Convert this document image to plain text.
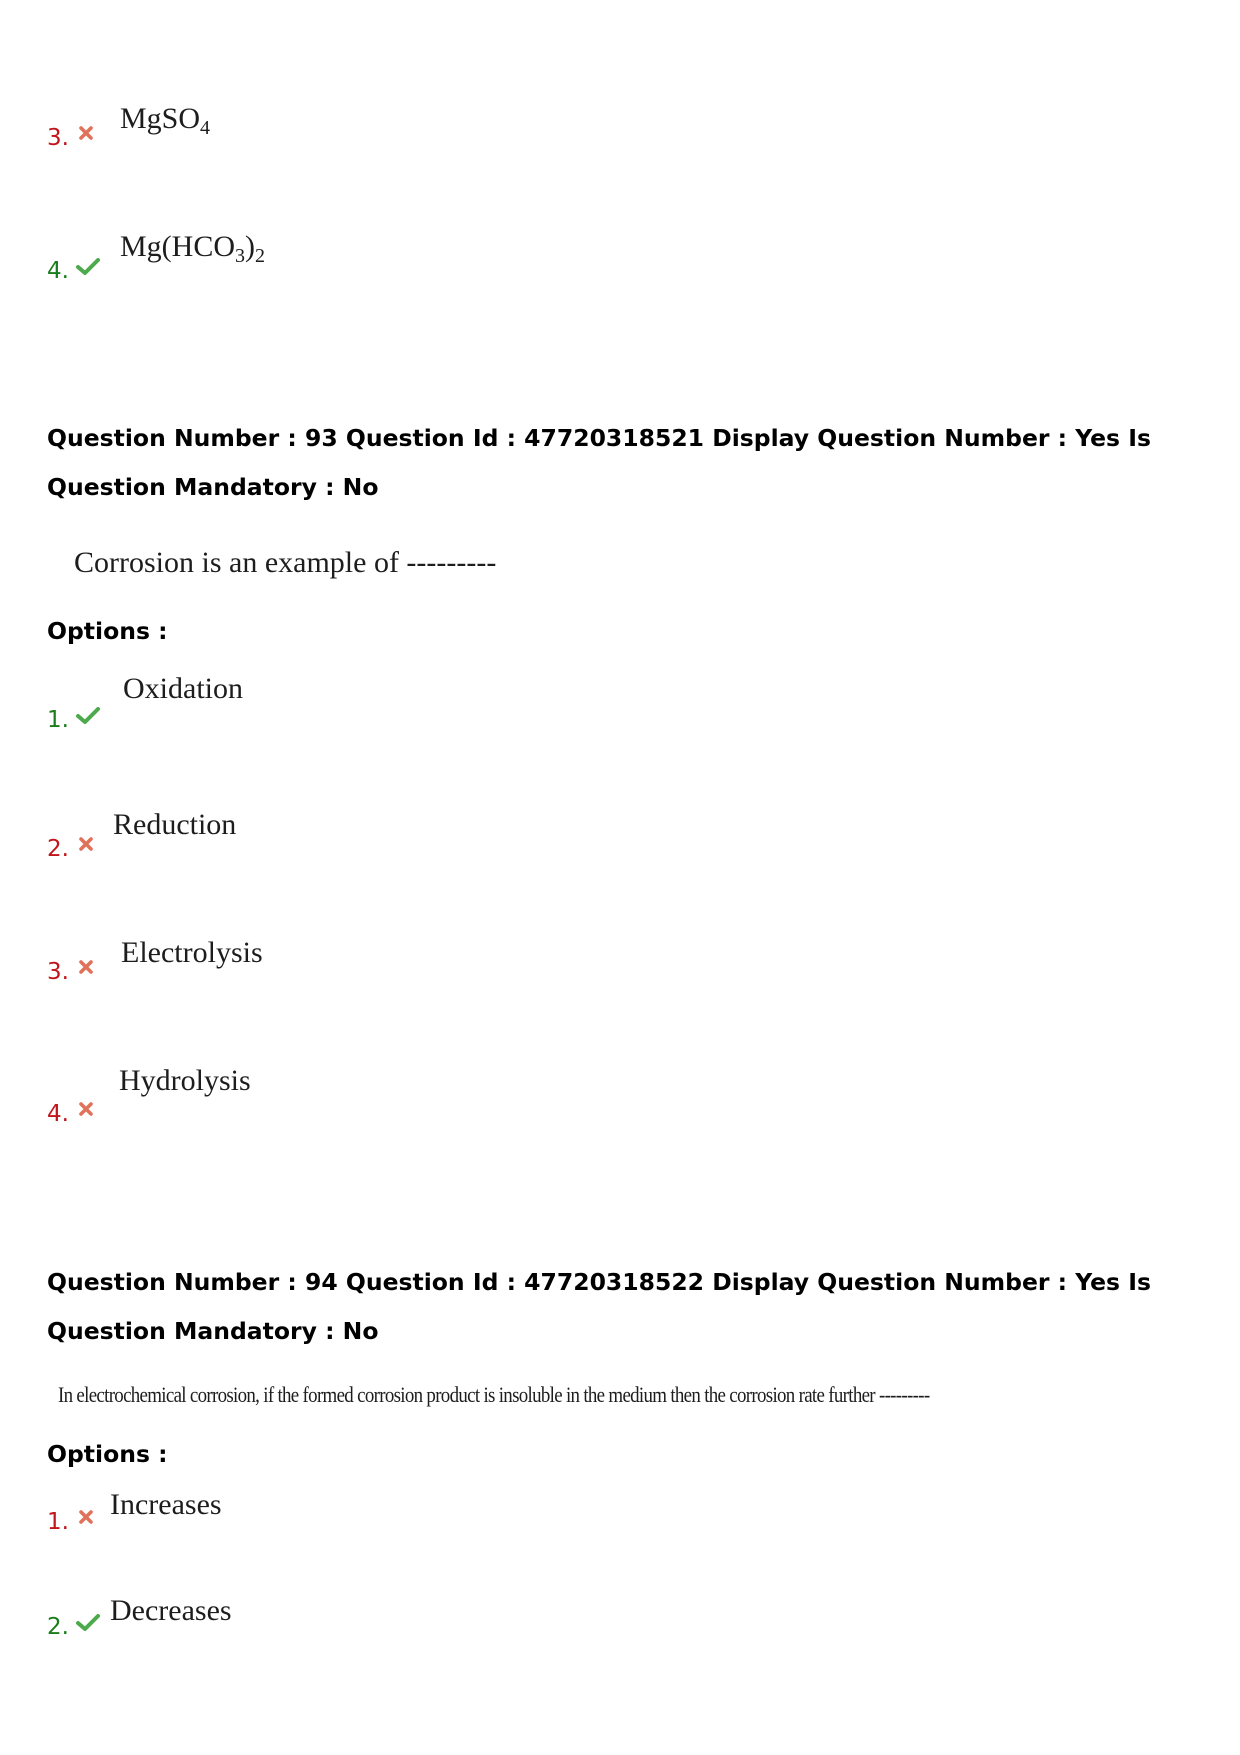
3.
MgSO$_4$
4.
$Mg(HCO_3)_2$
Question Number : 93 Question Id : 47720318521 Display Question Number : Yes Is Question Mandatory : No
Corrosion is an example of ---------
Options :
1.
Oxidation
2.
Reduction
3.
Electrolysis
4.
Hydrolysis
Question Number : 94 Question Id : 47720318522 Display Question Number : Yes Is Question Mandatory : No
In electrochemical corrosion, if the formed corrosion product is insoluble in the medium then the corrosion rate further ---------
Options :
1.
Increases
2. Decreases
